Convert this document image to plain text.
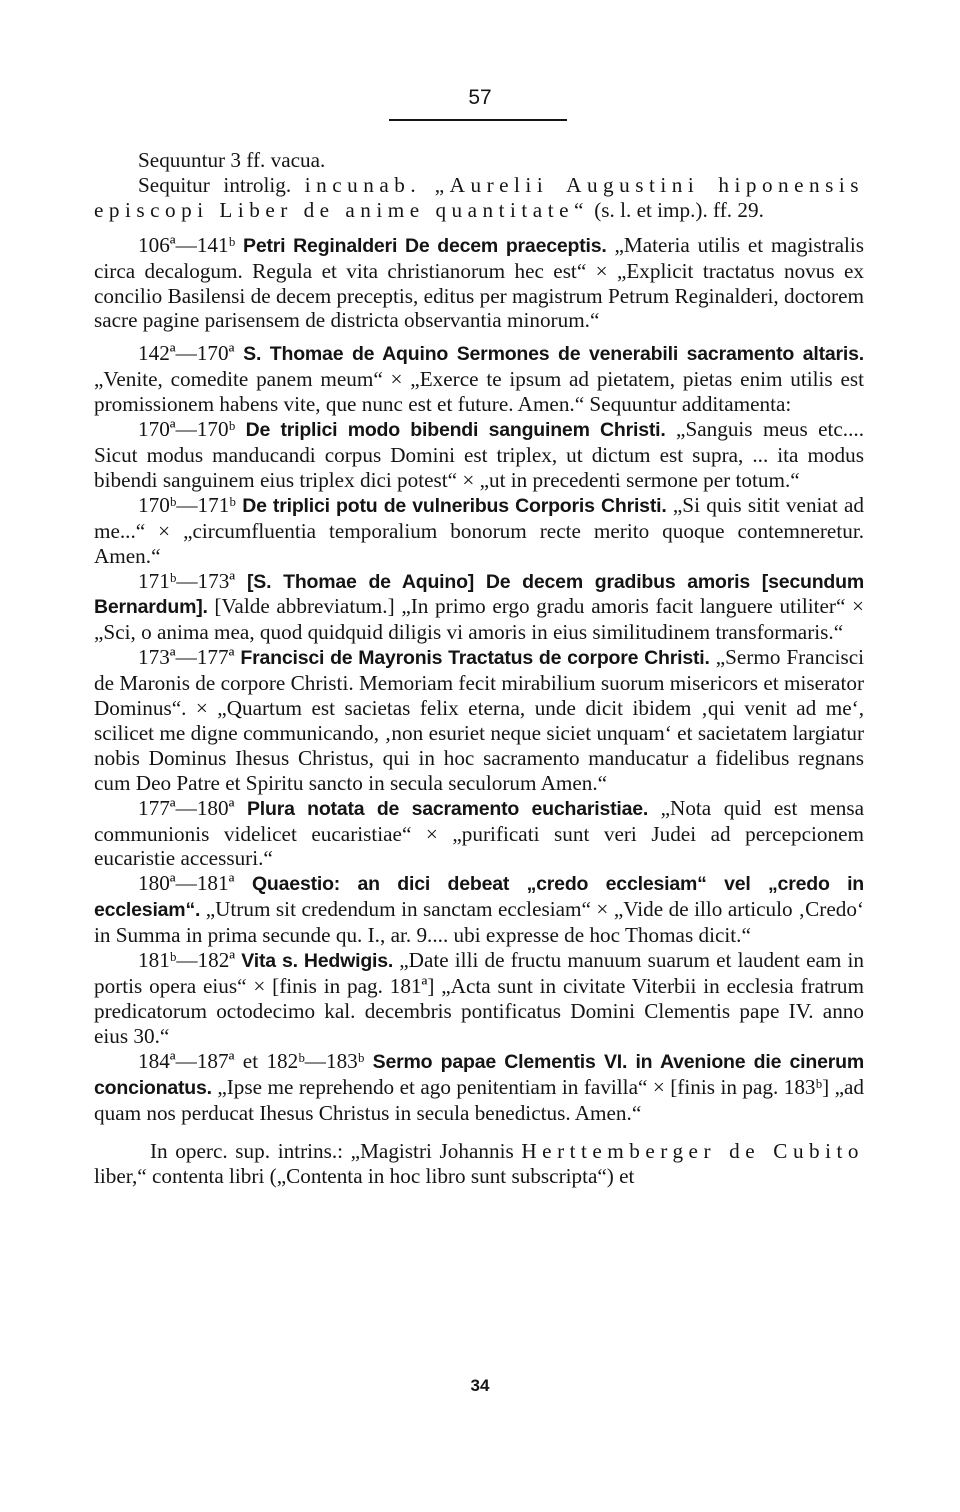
57

Sequuntur 3 ff. vacua.

Sequitur introlig. incunab. „Aurelii Augustini hiponensis episcopi Liber de anime quantitate“ (s. l. et imp.). ff. 29.

106ª—141ᵇ Petri Reginalderi De decem praeceptis. „Materia utilis et magistralis circa decalogum. Regula et vita christianorum hec est“ × „Explicit tractatus novus ex concilio Basilensi de decem preceptis, editus per magistrum Petrum Reginalderi, doctorem sacre pagine parisensem de districta observantia minorum.“

142ª—170ª S. Thomae de Aquino Sermones de venerabili sacramento altaris. „Venite, comedite panem meum“ × „Exerce te ipsum ad pietatem, pietas enim utilis est promissionem habens vite, que nunc est et future. Amen.“ Sequuntur additamenta:

170ª—170ᵇ De triplici modo bibendi sanguinem Christi. „Sanguis meus etc.... Sicut modus manducandi corpus Domini est triplex, ut dictum est supra, ... ita modus bibendi sanguinem eius triplex dici potest“ × „ut in precedenti sermone per totum.“

170ᵇ—171ᵇ De triplici potu de vulneribus Corporis Christi. „Si quis sitit veniat ad me...“ × „circumfluentia temporalium bonorum recte merito quoque contemneretur. Amen.“

171ᵇ—173ª [S. Thomae de Aquino] De decem gradibus amoris [secundum Bernardum]. [Valde abbreviatum.] „In primo ergo gradu amoris facit languere utiliter“ × „Sci, o anima mea, quod quidquid diligis vi amoris in eius similitudinem transformaris.“

173ª—177ª Francisci de Mayronis Tractatus de corpore Christi. „Sermo Francisci de Maronis de corpore Christi. Memoriam fecit mirabilium suorum misericors et miserator Dominus“. × „Quartum est sacietas felix eterna, unde dicit ibidem ‚qui venit ad me‘, scilicet me digne communicando, ‚non esuriet neque siciet unquam‘ et sacietatem largiatur nobis Dominus Ihesus Christus, qui in hoc sacramento manducatur a fidelibus regnans cum Deo Patre et Spiritu sancto in secula seculorum Amen.“

177ª—180ª Plura notata de sacramento eucharistiae. „Nota quid est mensa communionis videlicet eucaristiae“ × „purificati sunt veri Judei ad percepcionem eucaristie accessuri.“

180ª—181ª Quaestio: an dici debeat „credo ecclesiam“ vel „credo in ecclesiam“. „Utrum sit credendum in sanctam ecclesiam“ × „Vide de illo articulo ‚Credo‘ in Summa in prima secunde qu. I., ar. 9.... ubi expresse de hoc Thomas dicit.“

181ᵇ—182ª Vita s. Hedwigis. „Date illi de fructu manuum suarum et laudent eam in portis opera eius“ × [finis in pag. 181ª] „Acta sunt in civitate Viterbii in ecclesia fratrum predicatorum octodecimo kal. decembris pontificatus Domini Clementis pape IV. anno eius 30.“

184ª—187ª et 182ᵇ—183ᵇ Sermo papae Clementis VI. in Avenione die cinerum concionatus. „Ipse me reprehendo et ago penitentiam in favilla“ × [finis in pag. 183ᵇ] „ad quam nos perducat Ihesus Christus in secula benedictus. Amen.“

In operc. sup. intrins.: „Magistri Johannis Herttemberger de Cubito liber,“ contenta libri („Contenta in hoc libro sunt subscripta“) et

34
